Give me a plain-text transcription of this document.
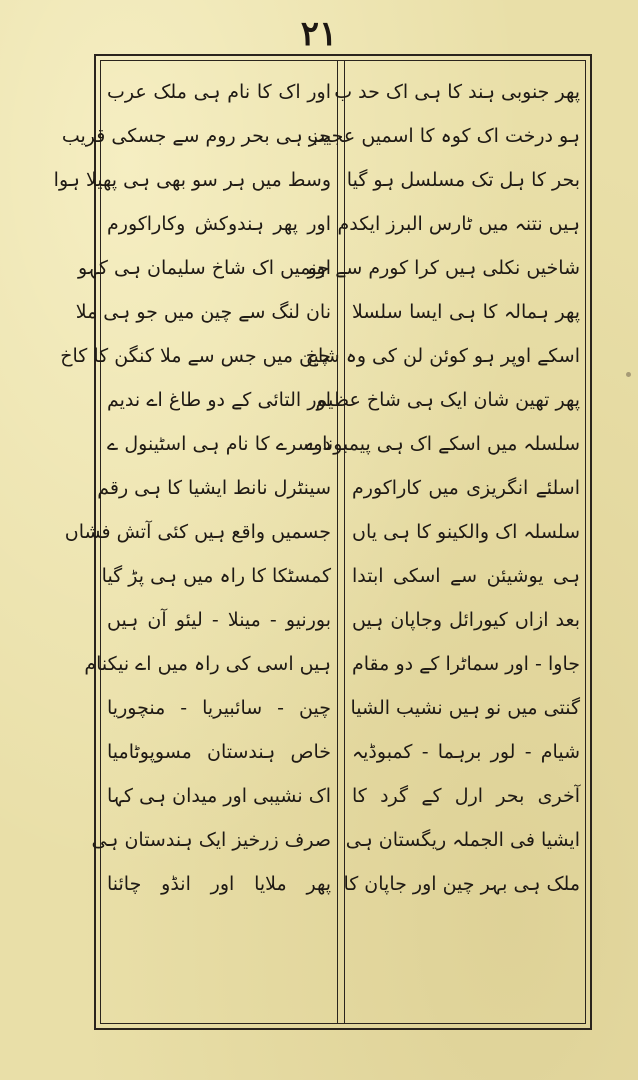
۲۱
پھر جنوبی ہند کا ہی اک حد ب
ہو درخت اک کوہ کا اسمیں عجیب
بحر کا ہل تک مسلسل ہو گیا
ہیں نتنہ میں ٹارس البرز ایکدم
شاخیں نکلی ہیں کرا کورم سے جو
پھر ہمالہ کا ہی ایسا سلسلا
اسکے اوپر ہو کوئن لن کی وہ شاخ
پھر تھین شان ایک ہی شاخ عظیم
سلسلہ میں اسکے اک ہی پیمبونا ے
اسلئے انگریزی میں کاراکورم
سلسلہ اک والکینو کا ہی یاں
ہی یوشیئن سے اسکی ابتدا
بعد ازاں کیورائل وجاپان ہیں
جاوا - اور سماٹرا کے دو مقام
گنتی میں نو ہیں نشیب الشیا
شیام - لور برہما - کمبوڈیہ
آخری بحر ارل کے گرد کا
ایشیا فی الجملہ ریگستان ہی
ملک ہی بہر چین اور جاپان کا
اور اک کا نام ہی ملک عرب
جز ہی بحر روم سے جسکی قریب
وسط میں ہر سو بھی ہی پھیلا ہوا
اور پھر ہندوکش وکاراکورم
اونمیں اک شاخ سلیمان ہی کہو
نان لنگ سے چین میں جو ہی ملا
چین میں جس سے ملا کنگن کا کاخ
اور التائی کے دو طاغ اے ندیم
دوسرے کا نام ہی اسٹینول ے
سینٹرل نانط ایشیا کا ہی رقم
جسمیں واقع ہیں کئی آتش فشاں
کمسٹکا کا راہ میں ہی پڑ گیا
بورنیو - مینلا - لیئو آن ہیں
ہیں اسی کی راہ میں اے نیکنام
چین - سائبیریا - منچوریا
خاص ہندستان مسوپوٹامیا
اک نشیبی اور میدان ہی کہا
صرف زرخیز ایک ہندستان ہی
پھر ملایا اور انڈو چائنا
